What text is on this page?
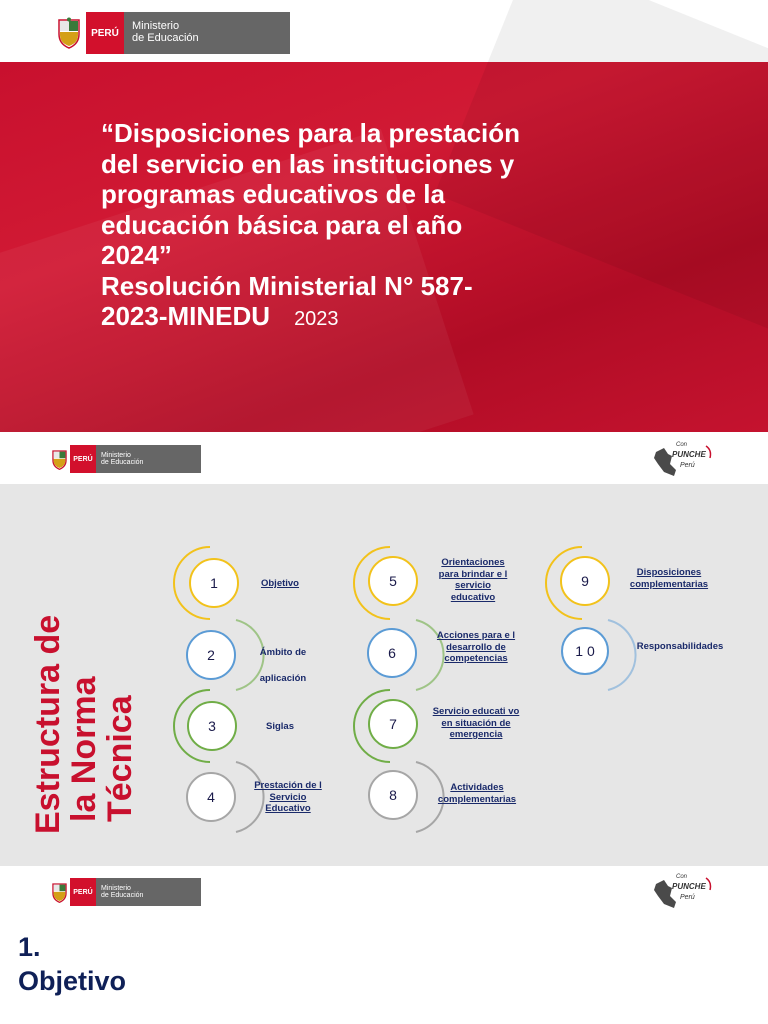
PERÚ
Ministerio
de Educación
“Disposiciones para la prestación
del servicio en las instituciones y
programas educativos de la
educación básica para el año
2024”
Resolución Ministerial N° 587-
2023-MINEDU 2023
PERÚ
Ministerio
de Educación
Con
PUNCHE
Perú
Estructura de
la Norma
Técnica
1
2
3
4
5
6
7
8
9
1 0
Objetivo
Ámbito de aplicación
Siglas
Prestación de l Servicio Educativo
Orientaciones para brindar e l servicio educativo
Acciones para e l desarrollo de competencias
Servicio educati vo en situación de emergencia
Actividades complementarias
Disposiciones complementarias
Responsabilidades
PERÚ
Ministerio
de Educación
Con
PUNCHE
Perú
1.
Objetivo
